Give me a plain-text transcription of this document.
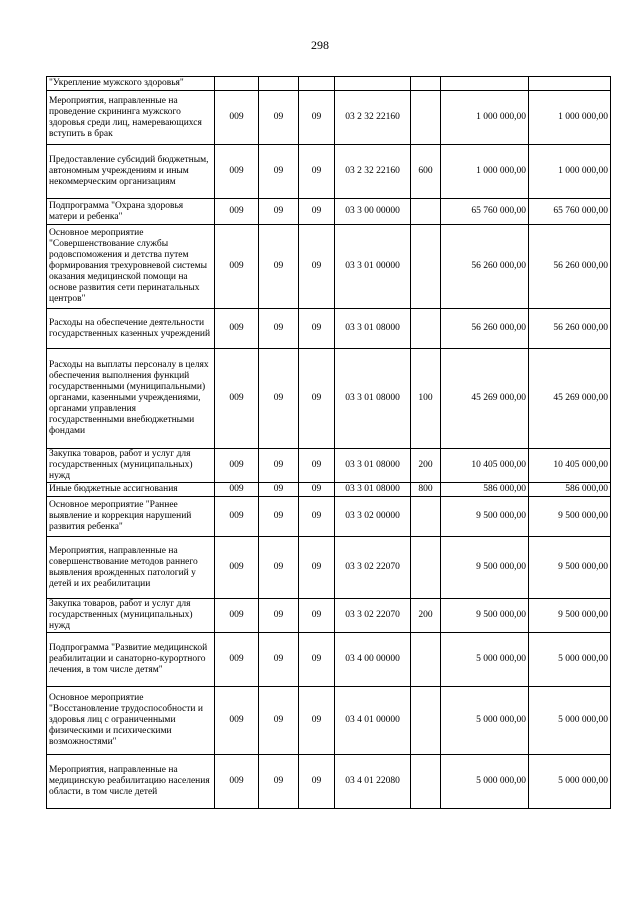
298
"Укрепление мужского здоровья"							
Мероприятия, направленные на проведение скрининга мужского здоровья среди лиц, намеревающихся вступить в брак	009	09	09	03 2 32 22160		1 000 000,00	1 000 000,00
Предоставление субсидий бюджетным, автономным учреждениям и иным некоммерческим организациям	009	09	09	03 2 32 22160	600	1 000 000,00	1 000 000,00
Подпрограмма "Охрана здоровья матери и ребенка"	009	09	09	03 3 00 00000		65 760 000,00	65 760 000,00
Основное мероприятие "Совершенствование службы родовспоможения и детства путем формирования трехуровневой системы оказания медицинской помощи на основе развития сети перинатальных центров"	009	09	09	03 3 01 00000		56 260 000,00	56 260 000,00
Расходы на обеспечение деятельности государственных казенных учреждений	009	09	09	03 3 01 08000		56 260 000,00	56 260 000,00
Расходы на выплаты персоналу в целях обеспечения выполнения функций государственными (муниципальными) органами, казенными учреждениями, органами управления государственными внебюджетными фондами	009	09	09	03 3 01 08000	100	45 269 000,00	45 269 000,00
Закупка товаров, работ и услуг для государственных (муниципальных) нужд	009	09	09	03 3 01 08000	200	10 405 000,00	10 405 000,00
Иные бюджетные ассигнования	009	09	09	03 3 01 08000	800	586 000,00	586 000,00
Основное мероприятие "Раннее выявление и коррекция нарушений развития ребенка"	009	09	09	03 3 02 00000		9 500 000,00	9 500 000,00
Мероприятия, направленные на совершенствование методов раннего выявления врожденных патологий у детей и их реабилитации	009	09	09	03 3 02 22070		9 500 000,00	9 500 000,00
Закупка товаров, работ и услуг для государственных (муниципальных) нужд	009	09	09	03 3 02 22070	200	9 500 000,00	9 500 000,00
Подпрограмма "Развитие медицинской реабилитации и санаторно-курортного лечения, в том числе детям"	009	09	09	03 4 00 00000		5 000 000,00	5 000 000,00
Основное мероприятие "Восстановление трудоспособности и здоровья лиц с ограниченными физическими и психическими возможностями"	009	09	09	03 4 01 00000		5 000 000,00	5 000 000,00
Мероприятия, направленные на медицинскую реабилитацию населения области, в том числе детей	009	09	09	03 4 01 22080		5 000 000,00	5 000 000,00
